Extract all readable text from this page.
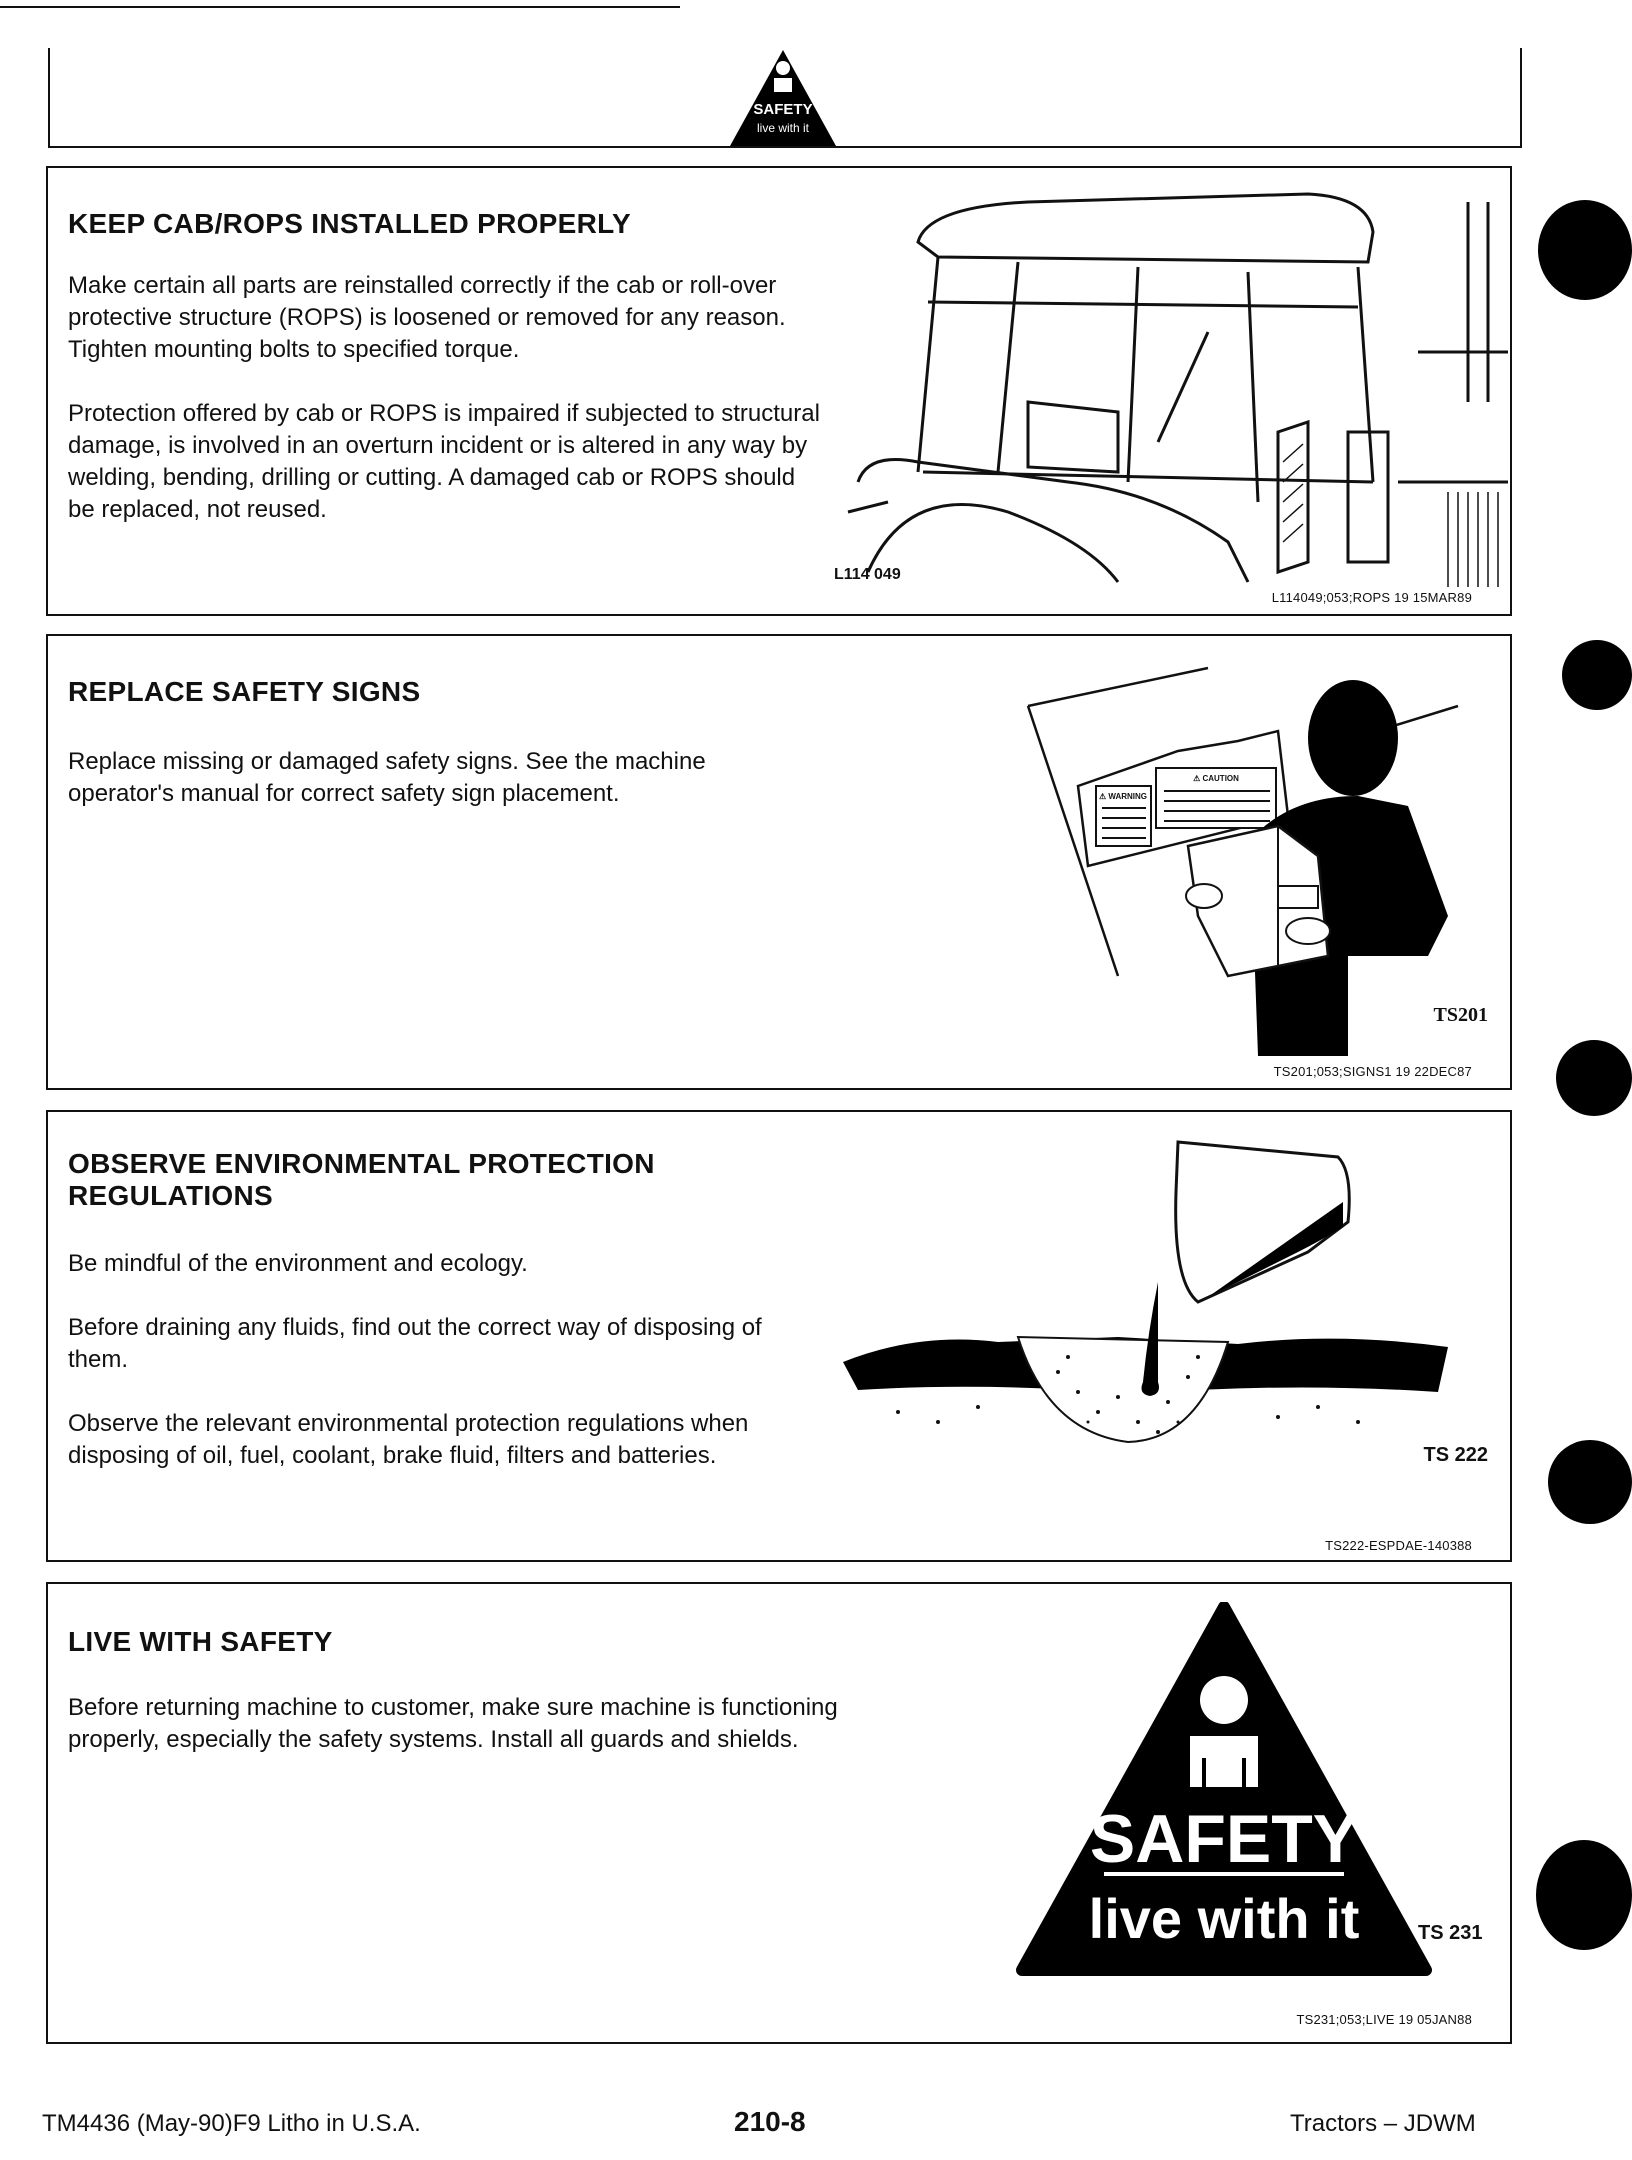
SAFETY
live with it
KEEP CAB/ROPS INSTALLED PROPERLY

Make certain all parts are reinstalled correctly if the cab or roll-over protective structure (ROPS) is loosened or removed for any reason. Tighten mounting bolts to specified torque.

Protection offered by cab or ROPS is impaired if subjected to structural damage, is involved in an overturn incident or is altered in any way by welding, bending, drilling or cutting. A damaged cab or ROPS should be replaced, not reused.

L114 049
L114049;053;ROPS 19 15MAR89
REPLACE SAFETY SIGNS

Replace missing or damaged safety signs. See the machine operator's manual for correct safety sign placement.	⚠ WARNING
⚠ CAUTION
TS201
TS201;053;SIGNS1 19 22DEC87
OBSERVE ENVIRONMENTAL PROTECTION REGULATIONS

Be mindful of the environment and ecology.

Before draining any fluids, find out the correct way of disposing of them.

Observe the relevant environmental protection regulations when disposing of oil, fuel, coolant, brake fluid, filters and batteries.	TS 222
TS222-ESPDAE-140388
LIVE WITH SAFETY

Before returning machine to customer, make sure machine is functioning properly, especially the safety systems. Install all guards and shields.

SAFETY
live with it	TS 231
TS231;053;LIVE 19 05JAN88
TM4436 (May-90)F9 Litho in U.S.A.	210-8	Tractors – JDWM
